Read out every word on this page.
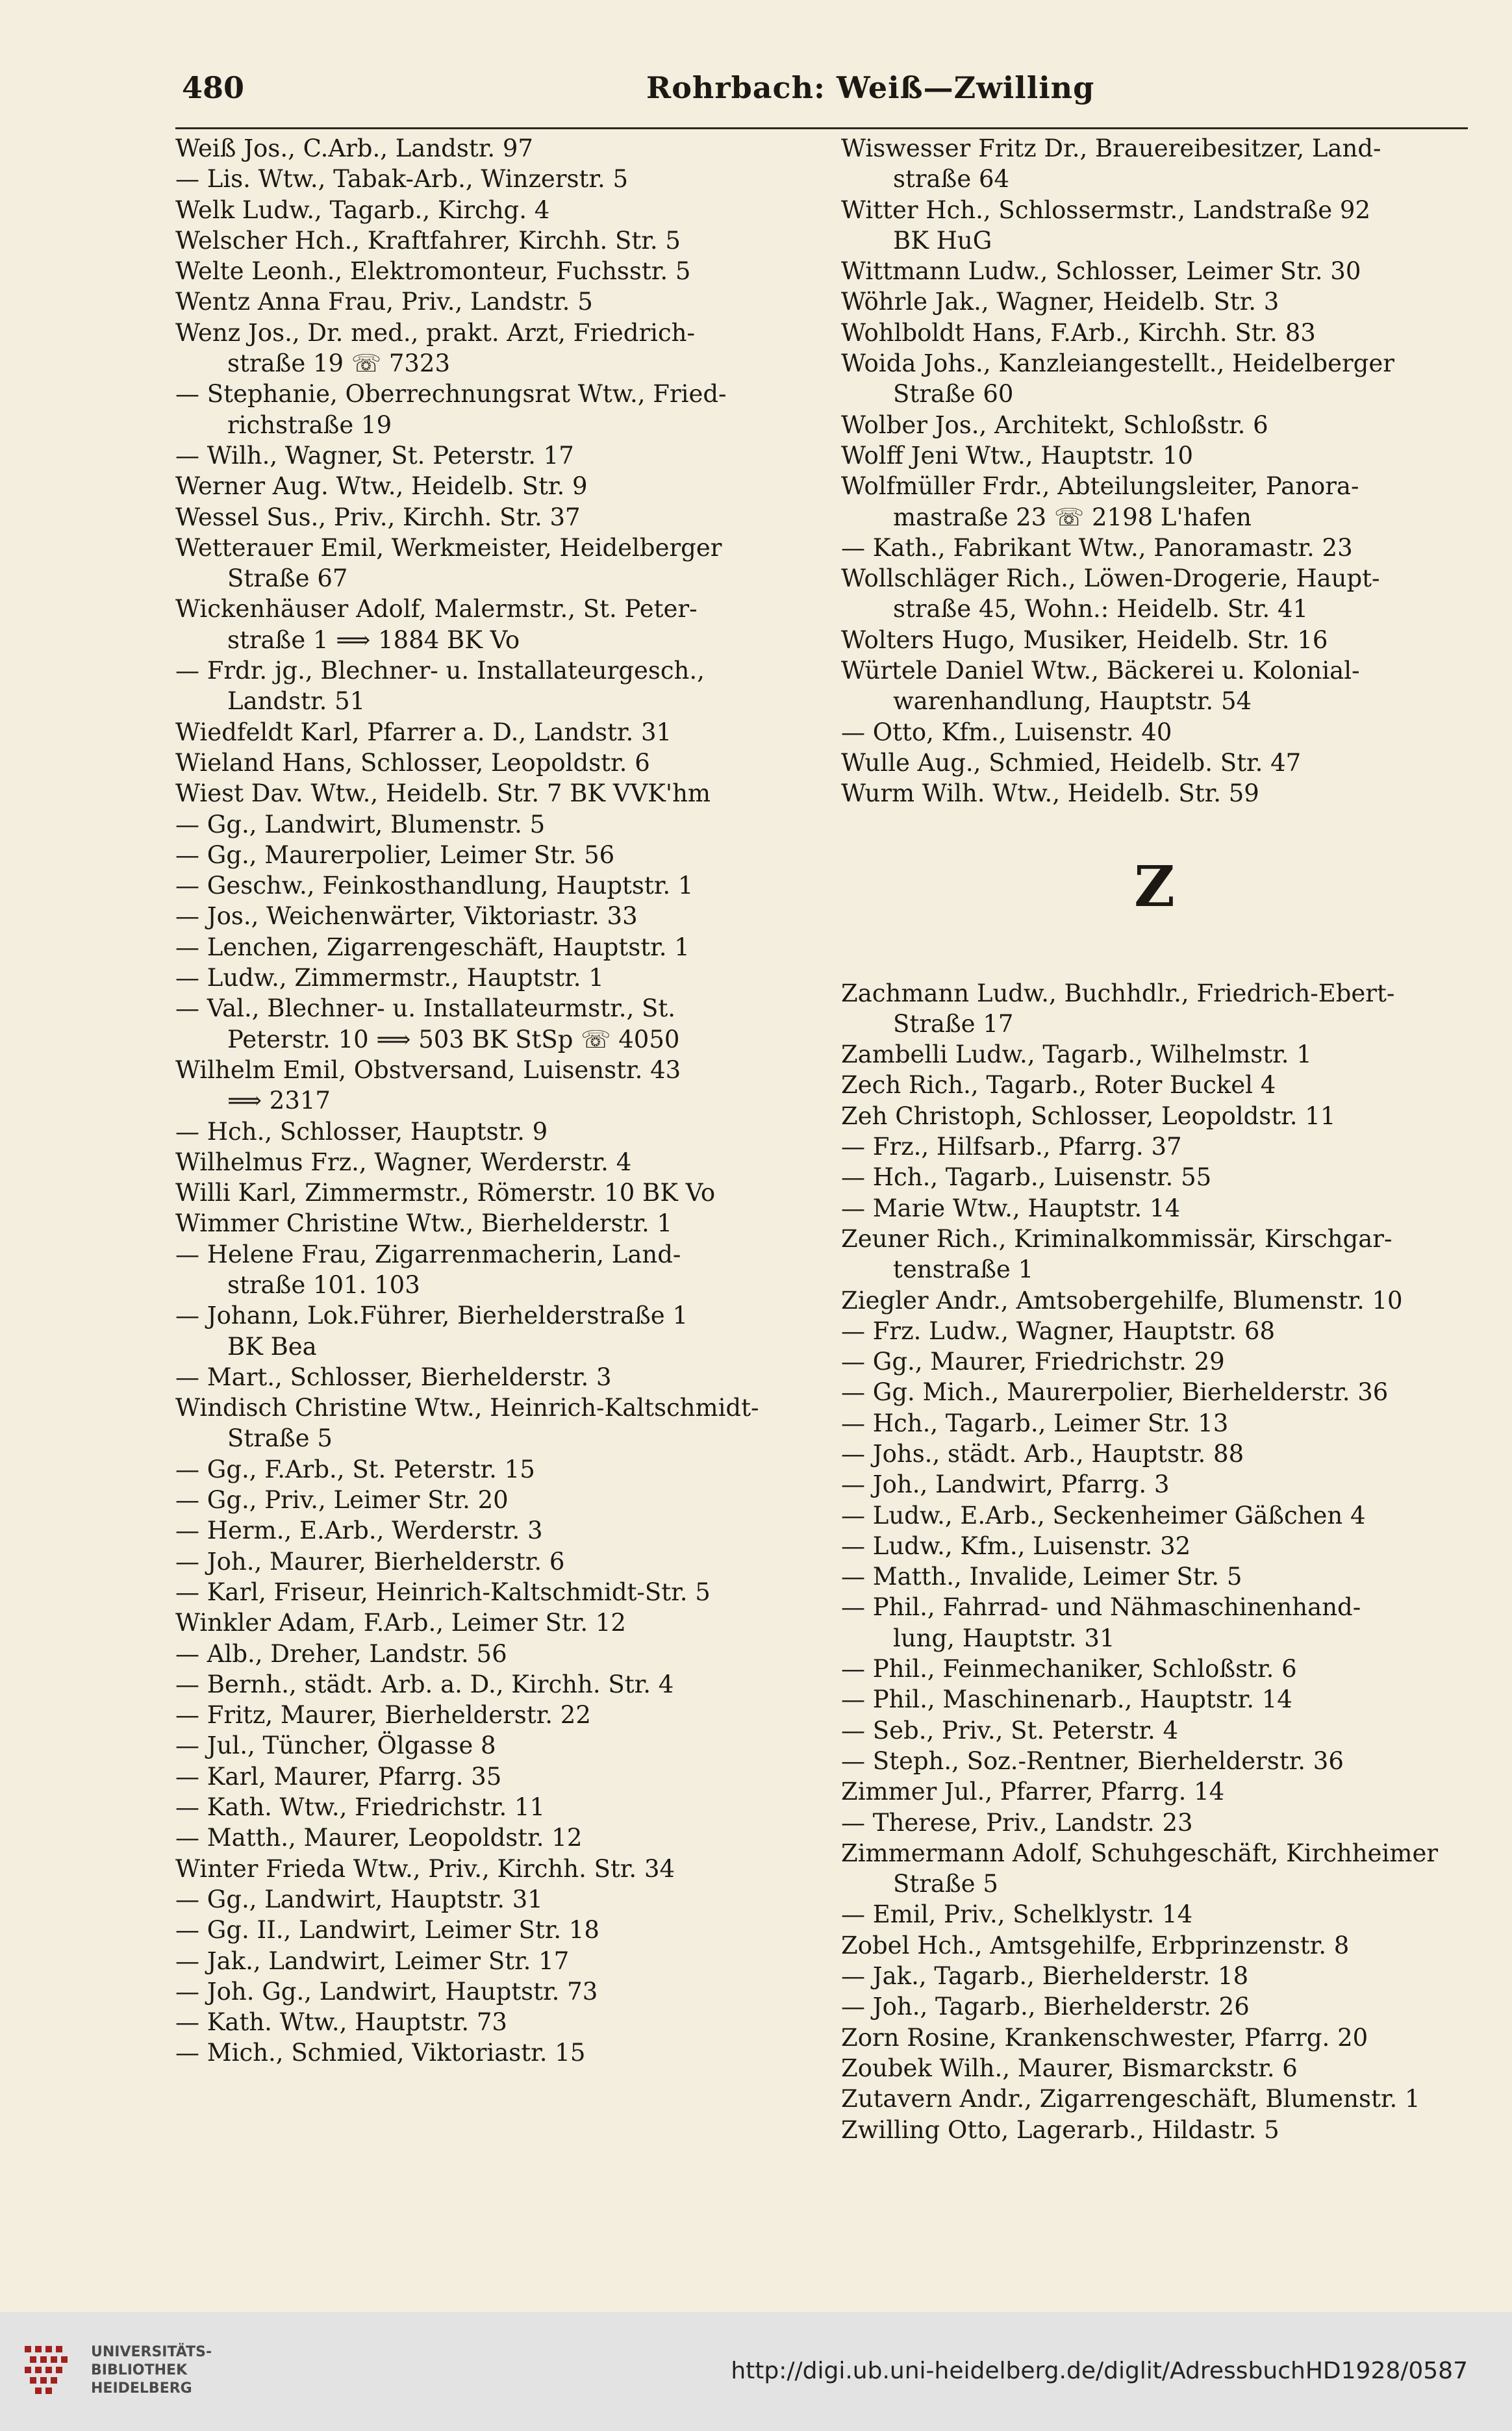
480	Rohrbach: Weiß—Zwilling

Weiß Jos., C.Arb., Landstr. 97

— Lis. Wtw., Tabak-Arb., Winzerstr. 5

Welk Ludw., Tagarb., Kirchg. 4

Welscher Hch., Kraftfahrer, Kirchh. Str. 5

Welte Leonh., Elektromonteur, Fuchsstr. 5

Wentz Anna Frau, Priv., Landstr. 5

Wenz Jos., Dr. med., prakt. Arzt, Friedrich-

straße 19 ☏ 7323

— Stephanie, Oberrechnungsrat Wtw., Fried-

richstraße 19

— Wilh., Wagner, St. Peterstr. 17

Werner Aug. Wtw., Heidelb. Str. 9

Wessel Sus., Priv., Kirchh. Str. 37

Wetterauer Emil, Werkmeister, Heidelberger

Straße 67

Wickenhäuser Adolf, Malermstr., St. Peter-

straße 1 ⟹ 1884 BK Vo

— Frdr. jg., Blechner- u. Installateurgesch.,

Landstr. 51

Wiedfeldt Karl, Pfarrer a. D., Landstr. 31

Wieland Hans, Schlosser, Leopoldstr. 6

Wiest Dav. Wtw., Heidelb. Str. 7 BK VVK'hm

— Gg., Landwirt, Blumenstr. 5

— Gg., Maurerpolier, Leimer Str. 56

— Geschw., Feinkosthandlung, Hauptstr. 1

— Jos., Weichenwärter, Viktoriastr. 33

— Lenchen, Zigarrengeschäft, Hauptstr. 1

— Ludw., Zimmermstr., Hauptstr. 1

— Val., Blechner- u. Installateurmstr., St.

Peterstr. 10 ⟹ 503 BK StSp ☏ 4050

Wilhelm Emil, Obstversand, Luisenstr. 43

⟹ 2317

— Hch., Schlosser, Hauptstr. 9

Wilhelmus Frz., Wagner, Werderstr. 4

Willi Karl, Zimmermstr., Römerstr. 10 BK Vo

Wimmer Christine Wtw., Bierhelderstr. 1

— Helene Frau, Zigarrenmacherin, Land-

straße 101. 103

— Johann, Lok.Führer, Bierhelderstraße 1

BK Bea

— Mart., Schlosser, Bierhelderstr. 3

Windisch Christine Wtw., Heinrich-Kaltschmidt-

Straße 5

— Gg., F.Arb., St. Peterstr. 15

— Gg., Priv., Leimer Str. 20

— Herm., E.Arb., Werderstr. 3

— Joh., Maurer, Bierhelderstr. 6

— Karl, Friseur, Heinrich-Kaltschmidt-Str. 5

Winkler Adam, F.Arb., Leimer Str. 12

— Alb., Dreher, Landstr. 56

— Bernh., städt. Arb. a. D., Kirchh. Str. 4

— Fritz, Maurer, Bierhelderstr. 22

— Jul., Tüncher, Ölgasse 8

— Karl, Maurer, Pfarrg. 35

— Kath. Wtw., Friedrichstr. 11

— Matth., Maurer, Leopoldstr. 12

Winter Frieda Wtw., Priv., Kirchh. Str. 34

— Gg., Landwirt, Hauptstr. 31

— Gg. II., Landwirt, Leimer Str. 18

— Jak., Landwirt, Leimer Str. 17

— Joh. Gg., Landwirt, Hauptstr. 73

— Kath. Wtw., Hauptstr. 73

— Mich., Schmied, Viktoriastr. 15

Wiswesser Fritz Dr., Brauereibesitzer, Land-

straße 64

Witter Hch., Schlossermstr., Landstraße 92

BK HuG

Wittmann Ludw., Schlosser, Leimer Str. 30

Wöhrle Jak., Wagner, Heidelb. Str. 3

Wohlboldt Hans, F.Arb., Kirchh. Str. 83

Woida Johs., Kanzleiangestellt., Heidelberger

Straße 60

Wolber Jos., Architekt, Schloßstr. 6

Wolff Jeni Wtw., Hauptstr. 10

Wolfmüller Frdr., Abteilungsleiter, Panora-

mastraße 23 ☏ 2198 L'hafen

— Kath., Fabrikant Wtw., Panoramastr. 23

Wollschläger Rich., Löwen-Drogerie, Haupt-

straße 45, Wohn.: Heidelb. Str. 41

Wolters Hugo, Musiker, Heidelb. Str. 16

Würtele Daniel Wtw., Bäckerei u. Kolonial-

warenhandlung, Hauptstr. 54

— Otto, Kfm., Luisenstr. 40

Wulle Aug., Schmied, Heidelb. Str. 47

Wurm Wilh. Wtw., Heidelb. Str. 59

Z

Zachmann Ludw., Buchhdlr., Friedrich-Ebert-

Straße 17

Zambelli Ludw., Tagarb., Wilhelmstr. 1

Zech Rich., Tagarb., Roter Buckel 4

Zeh Christoph, Schlosser, Leopoldstr. 11

— Frz., Hilfsarb., Pfarrg. 37

— Hch., Tagarb., Luisenstr. 55

— Marie Wtw., Hauptstr. 14

Zeuner Rich., Kriminalkommissär, Kirschgar-

tenstraße 1

Ziegler Andr., Amtsobergehilfe, Blumenstr. 10

— Frz. Ludw., Wagner, Hauptstr. 68

— Gg., Maurer, Friedrichstr. 29

— Gg. Mich., Maurerpolier, Bierhelderstr. 36

— Hch., Tagarb., Leimer Str. 13

— Johs., städt. Arb., Hauptstr. 88

— Joh., Landwirt, Pfarrg. 3

— Ludw., E.Arb., Seckenheimer Gäßchen 4

— Ludw., Kfm., Luisenstr. 32

— Matth., Invalide, Leimer Str. 5

— Phil., Fahrrad- und Nähmaschinenhand-

lung, Hauptstr. 31

— Phil., Feinmechaniker, Schloßstr. 6

— Phil., Maschinenarb., Hauptstr. 14

— Seb., Priv., St. Peterstr. 4

— Steph., Soz.-Rentner, Bierhelderstr. 36

Zimmer Jul., Pfarrer, Pfarrg. 14

— Therese, Priv., Landstr. 23

Zimmermann Adolf, Schuhgeschäft, Kirchheimer

Straße 5

— Emil, Priv., Schelklystr. 14

Zobel Hch., Amtsgehilfe, Erbprinzenstr. 8

— Jak., Tagarb., Bierhelderstr. 18

— Joh., Tagarb., Bierhelderstr. 26

Zorn Rosine, Krankenschwester, Pfarrg. 20

Zoubek Wilh., Maurer, Bismarckstr. 6

Zutavern Andr., Zigarrengeschäft, Blumenstr. 1

Zwilling Otto, Lagerarb., Hildastr. 5

UNIVERSITÄTS-
BIBLIOTHEK
HEIDELBERG
http://digi.ub.uni-heidelberg.de/diglit/AdressbuchHD1928/0587
